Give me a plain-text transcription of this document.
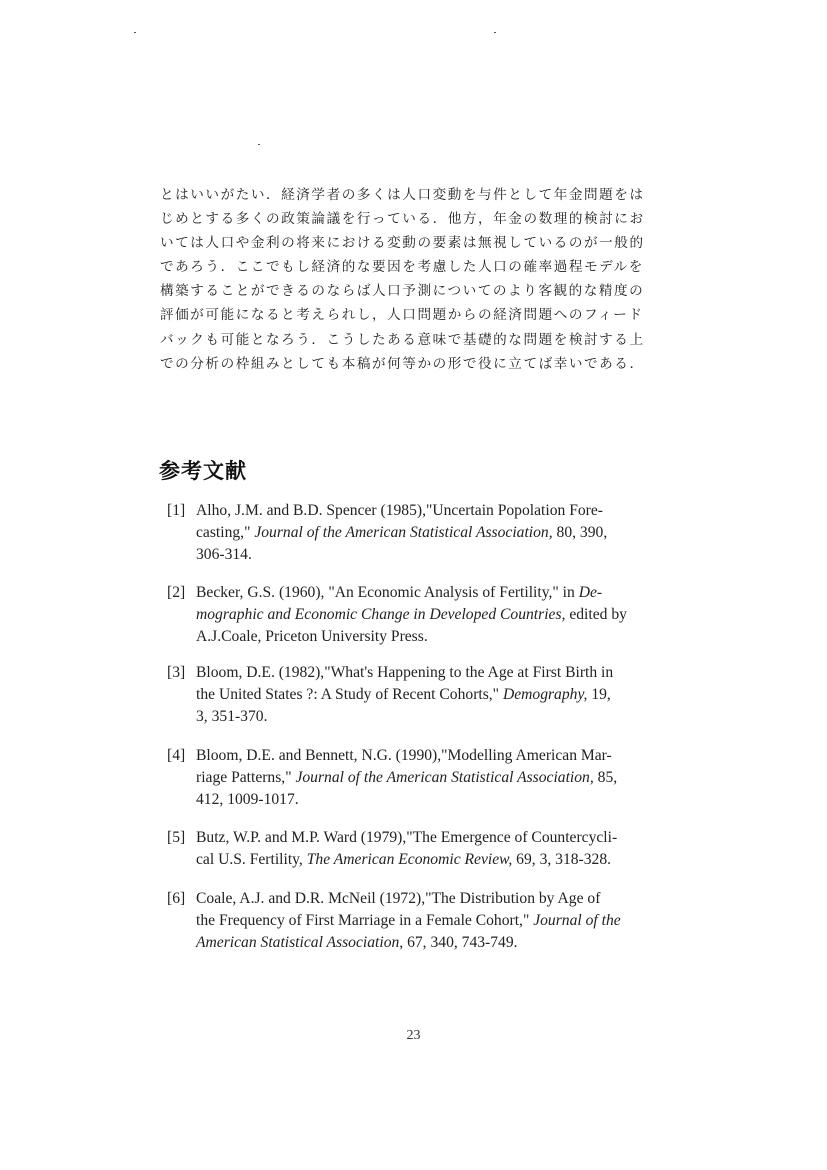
とはいいがたい．経済学者の多くは人口変動を与件として年金問題をは
じめとする多くの政策論議を行っている．他方，年金の数理的検討にお
いては人口や金利の将来における変動の要素は無視しているのが一般的
であろう．ここでもし経済的な要因を考慮した人口の確率過程モデルを
構築することができるのならば人口予測についてのより客観的な精度の
評価が可能になると考えられし，人口問題からの経済問題へのフィード
バックも可能となろう．こうしたある意味で基礎的な問題を検討する上
での分析の枠組みとしても本稿が何等かの形で役に立てば幸いである．
参考文献
[1] Alho, J.M. and B.D. Spencer (1985),"Uncertain Popolation Fore-
casting," Journal of the American Statistical Association, 80, 390,
306-314.
[2] Becker, G.S. (1960), "An Economic Analysis of Fertility," in De-
mographic and Economic Change in Developed Countries, edited by
A.J.Coale, Priceton University Press.
[3] Bloom, D.E. (1982),"What's Happening to the Age at First Birth in
the United States ?: A Study of Recent Cohorts," Demography, 19,
3, 351-370.
[4] Bloom, D.E. and Bennett, N.G. (1990),"Modelling American Mar-
riage Patterns," Journal of the American Statistical Association, 85,
412, 1009-1017.
[5] Butz, W.P. and M.P. Ward (1979),"The Emergence of Countercycli-
cal U.S. Fertility, The American Economic Review, 69, 3, 318-328.
[6] Coale, A.J. and D.R. McNeil (1972),"The Distribution by Age of
the Frequency of First Marriage in a Female Cohort," Journal of the
American Statistical Association, 67, 340, 743-749.
23
